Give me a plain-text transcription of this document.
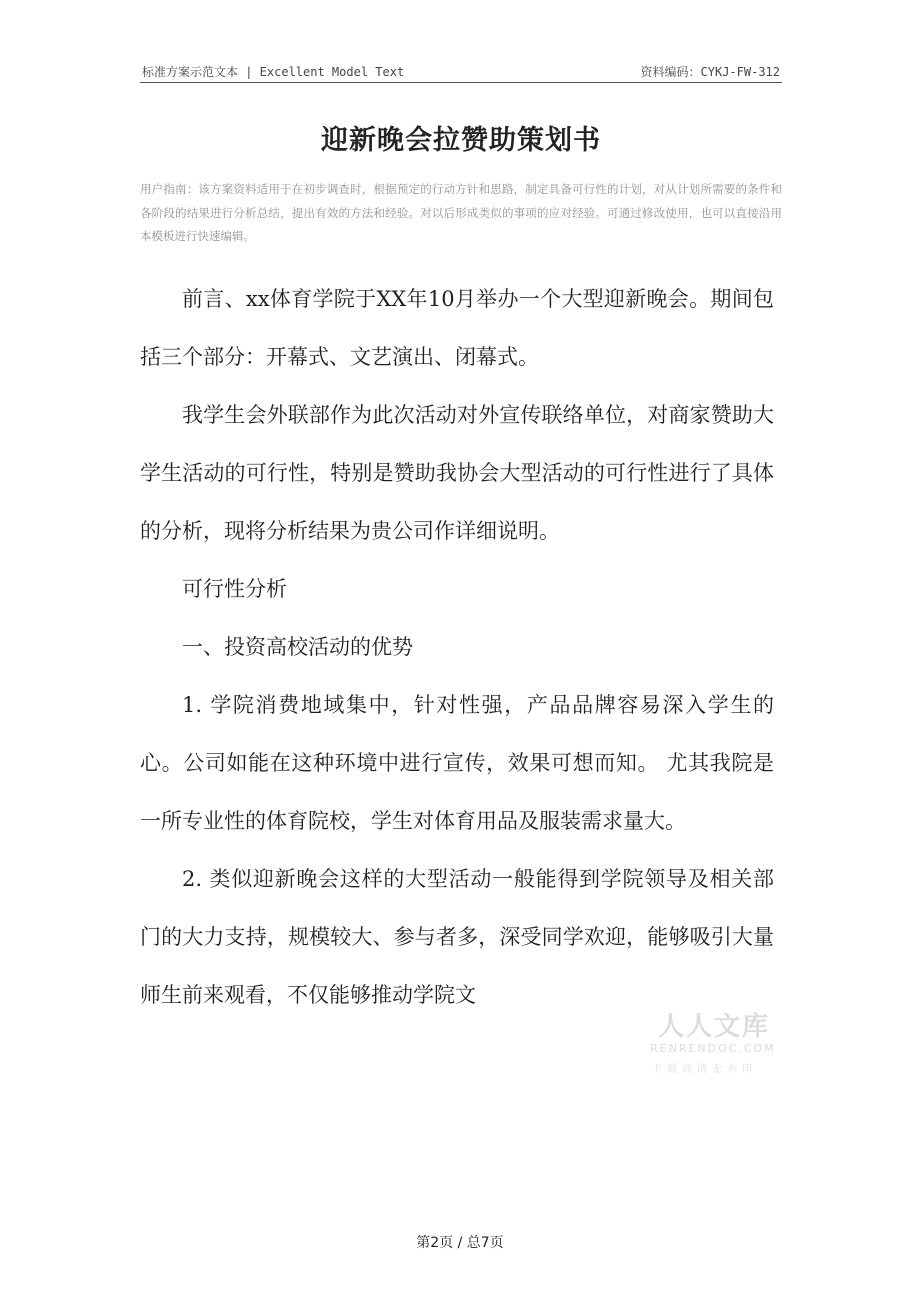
标准方案示范文本 | Excellent Model Text	资料编码：CYKJ-FW-312
迎新晚会拉赞助策划书
用户指南：该方案资料适用于在初步调查时，根据预定的行动方针和思路，制定具备可行性的计划，对从计划所需要的条件和各阶段的结果进行分析总结，提出有效的方法和经验。对以后形成类似的事项的应对经验。可通过修改使用，也可以直接沿用本模板进行快速编辑。

前言、xx体育学院于XX年10月举办一个大型迎新晚会。期间包括三个部分：开幕式、文艺演出、闭幕式。

我学生会外联部作为此次活动对外宣传联络单位，对商家赞助大学生活动的可行性，特别是赞助我协会大型活动的可行性进行了具体的分析，现将分析结果为贵公司作详细说明。

可行性分析

一、投资高校活动的优势

1. 学院消费地域集中，针对性强，产品品牌容易深入学生的心。公司如能在这种环境中进行宣传，效果可想而知。 尤其我院是一所专业性的体育院校，学生对体育用品及服装需求量大。

2. 类似迎新晚会这样的大型活动一般能得到学院领导及相关部门的大力支持，规模较大、参与者多，深受同学欢迎，能够吸引大量师生前来观看，不仅能够推动学院文

人人文库
RENRENDOC.COM
下载高清无水印
第2页 / 总7页
